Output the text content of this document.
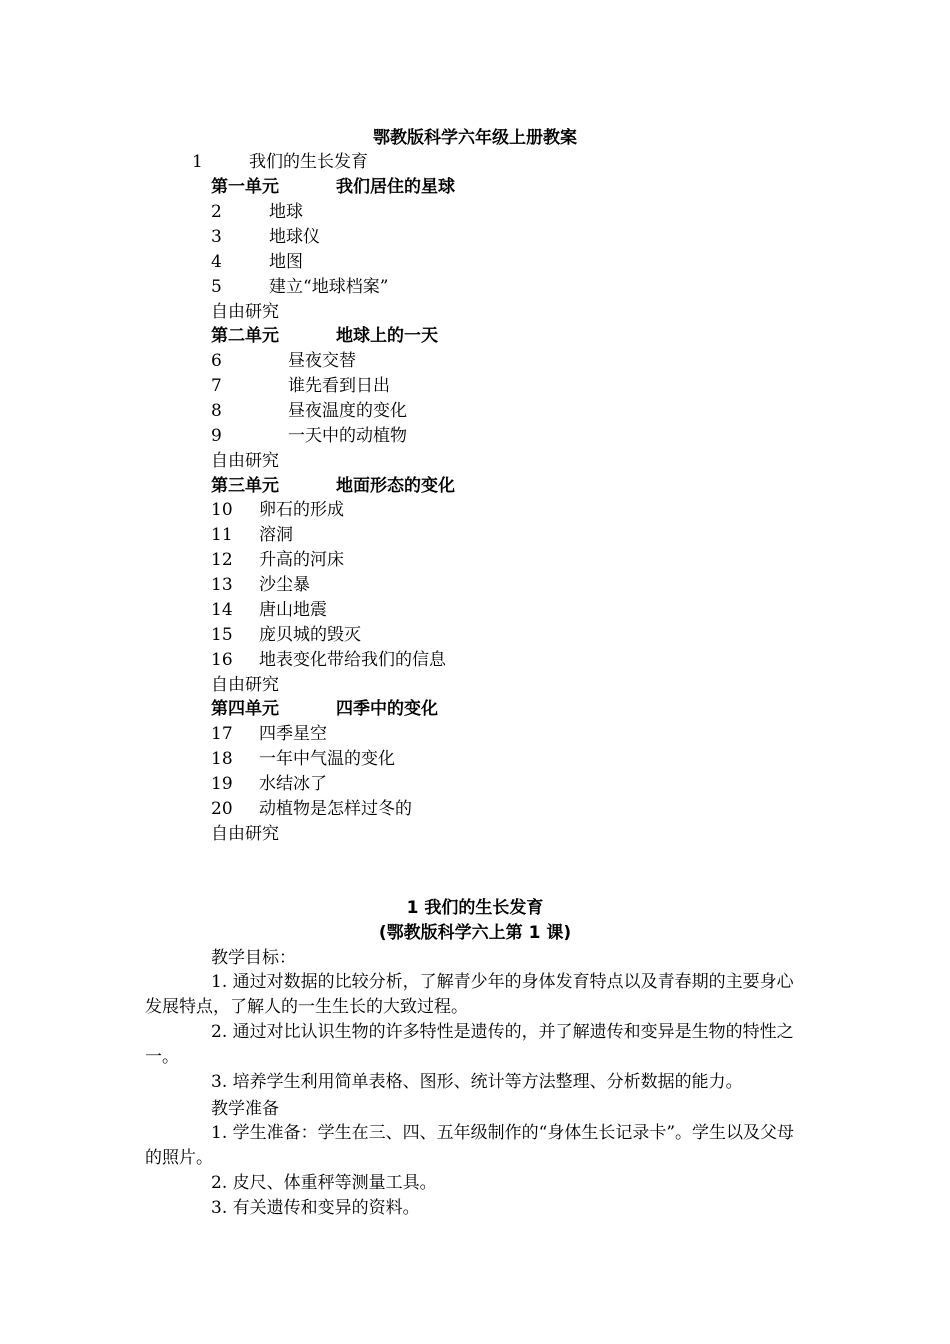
鄂教版科学六年级上册教案
1	我们的生长发育
第一单元	我们居住的星球
2	地球
3	地球仪
4	地图
5	建立“地球档案”
自由研究
第二单元	地球上的一天
6	昼夜交替
7	谁先看到日出
8	昼夜温度的变化
9	一天中的动植物
自由研究
第三单元	地面形态的变化
10 卵石的形成
11 溶洞
12 升高的河床
13 沙尘暴
14 唐山地震
15 庞贝城的毁灭
16 地表变化带给我们的信息
自由研究
第四单元	四季中的变化
17 四季星空
18 一年中气温的变化
19 水结冰了
20 动植物是怎样过冬的
自由研究
1 我们的生长发育
(鄂教版科学六上第 1 课)
教学目标：
1. 通过对数据的比较分析，了解青少年的身体发育特点以及青春期的主要身心发展特点，了解人的一生生长的大致过程。
2. 通过对比认识生物的许多特性是遗传的，并了解遗传和变异是生物的特性之一。
3. 培养学生利用简单表格、图形、统计等方法整理、分析数据的能力。
教学准备
1. 学生准备：学生在三、四、五年级制作的“身体生长记录卡”。学生以及父母的照片。
2. 皮尺、体重秤等测量工具。
3. 有关遗传和变异的资料。
